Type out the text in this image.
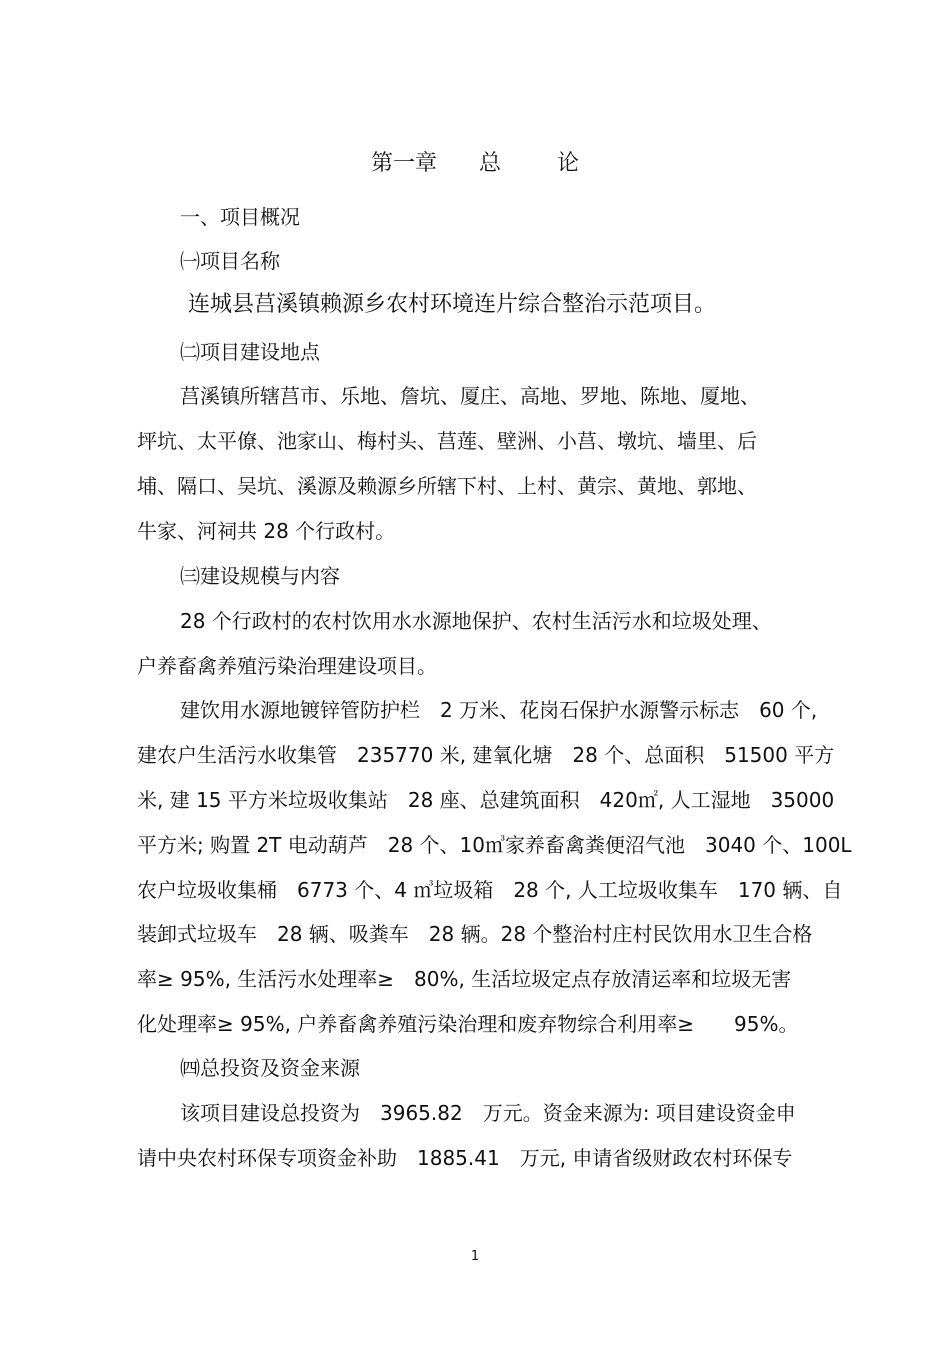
第一章 总	论
一、项目概况
㈠项目名称
连城县莒溪镇赖源乡农村环境连片综合整治示范项目。
㈡项目建设地点
莒溪镇所辖莒市、乐地、詹坑、厦庄、高地、罗地、陈地、厦地、
坪坑、太平僚、池家山、梅村头、莒莲、壁洲、小莒、墩坑、墙里、后
埔、隔口、吴坑、溪源及赖源乡所辖下村、上村、黄宗、黄地、郭地、
牛家、河祠共 28 个行政村。
㈢建设规模与内容
28 个行政村的农村饮用水水源地保护、农村生活污水和垃圾处理、
户养畜禽养殖污染治理建设项目。
建饮用水源地镀锌管防护栏　2 万米、花岗石保护水源警示标志　60 个,
建农户生活污水收集管　235770 米, 建氧化塘　28 个、总面积　51500 平方
米, 建 15 平方米垃圾收集站　28 座、总建筑面积　420㎡, 人工湿地　35000
平方米; 购置 2T 电动葫芦　28 个、10㎥家养畜禽粪便沼气池　3040 个、100L
农户垃圾收集桶　6773 个、4 ㎥垃圾箱　28 个, 人工垃圾收集车　170 辆、自
装卸式垃圾车　28 辆、吸粪车　28 辆。28 个整治村庄村民饮用水卫生合格
率≥ 95%, 生活污水处理率≥　80%, 生活垃圾定点存放清运率和垃圾无害
化处理率≥ 95%, 户养畜禽养殖污染治理和废弃物综合利用率≥　　95%。
㈣总投资及资金来源
该项目建设总投资为　3965.82　万元。资金来源为: 项目建设资金申
请中央农村环保专项资金补助　1885.41　万元, 申请省级财政农村环保专
1
